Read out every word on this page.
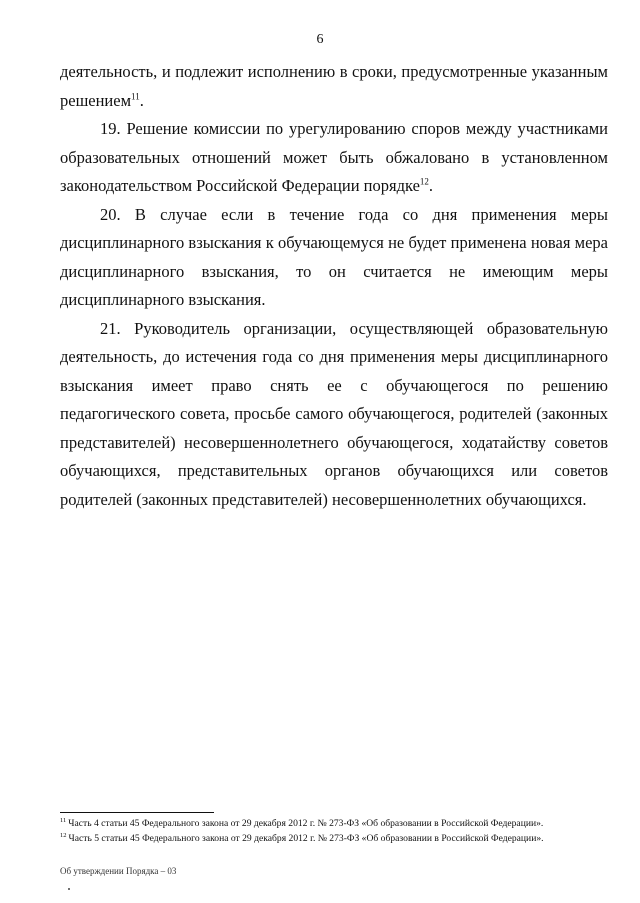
6

деятельность, и подлежит исполнению в сроки, предусмотренные указанным решением$^{11}$.

19. Решение комиссии по урегулированию споров между участниками образовательных отношений может быть обжаловано в установленном законодательством Российской Федерации порядке$^{12}$.

20. В случае если в течение года со дня применения меры дисциплинарного взыскания к обучающемуся не будет применена новая мера дисциплинарного взыскания, то он считается не имеющим меры дисциплинарного взыскания.

21. Руководитель организации, осуществляющей образовательную деятельность, до истечения года со дня применения меры дисциплинарного взыскания имеет право снять ее с обучающегося по решению педагогического совета, просьбе самого обучающегося, родителей (законных представителей) несовершеннолетнего обучающегося, ходатайству советов обучающихся, представительных органов обучающихся или советов родителей (законных представителей) несовершеннолетних обучающихся.

$^{11}$ Часть 4 статьи 45 Федерального закона от 29 декабря 2012 г. № 273-ФЗ «Об образовании в Российской Федерации».

$^{12}$ Часть 5 статьи 45 Федерального закона от 29 декабря 2012 г. № 273-ФЗ «Об образовании в Российской Федерации».

Об утверждении Порядка – 03
